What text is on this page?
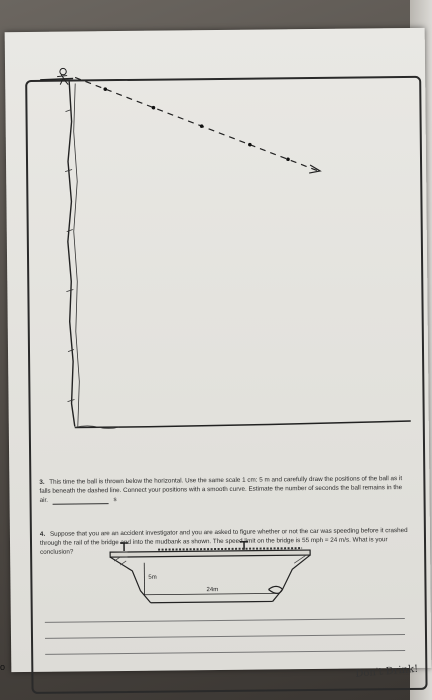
5m
24m
3. This time the ball is thrown below the horizontal. Use the same scale 1 cm: 5 m and carefully draw the positions of the ball as it falls beneath the dashed line. Connect your positions with a smooth curve. Estimate the number of seconds the ball remains in the air.	s
4. Suppose that you are an accident investigator and you are asked to figure whether or not the car was speeding before it crashed through the rail of the bridge and into the mudbank as shown. The speed limit on the bridge is 55 mph = 24 m/s. What is your conclusion?
Don't Drink!
o
